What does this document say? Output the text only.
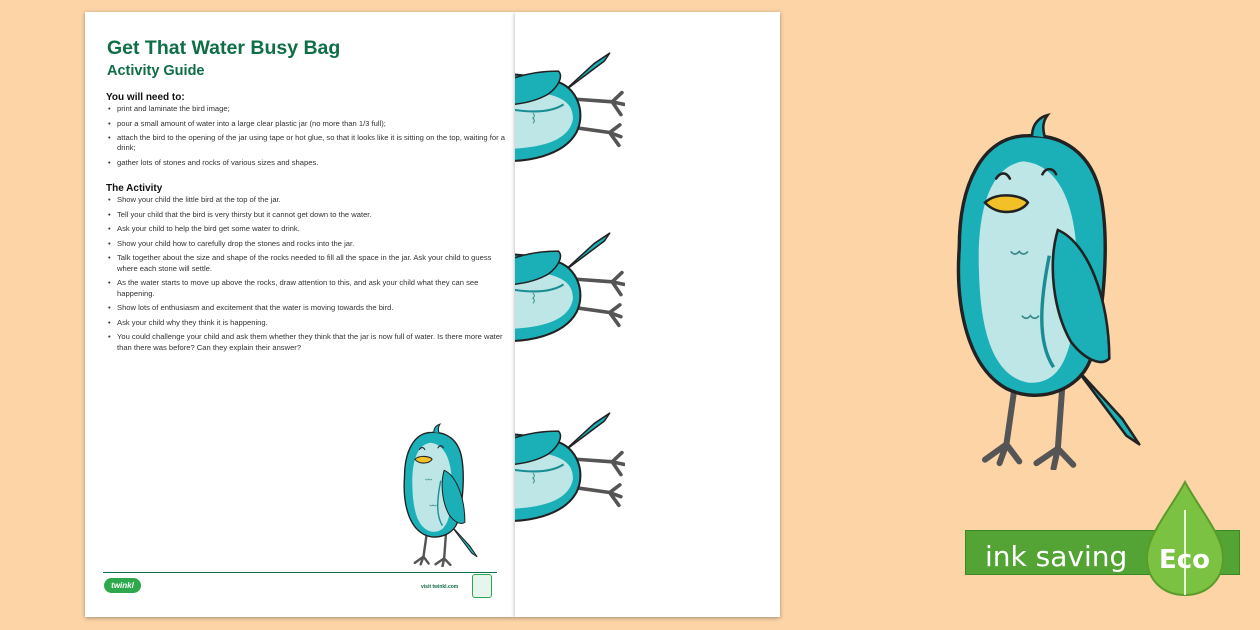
Get That Water Busy Bag
Activity Guide
You will need to:
• print and laminate the bird image;
• pour a small amount of water into a large clear plastic jar (no more than 1/3 full);
• attach the bird to the opening of the jar using tape or hot glue, so that it looks like it is sitting on the top, waiting for a drink;
• gather lots of stones and rocks of various sizes and shapes.
The Activity
• Show your child the little bird at the top of the jar.
• Tell your child that the bird is very thirsty but it cannot get down to the water.
• Ask your child to help the bird get some water to drink.
• Show your child how to carefully drop the stones and rocks into the jar.
• Talk together about the size and shape of the rocks needed to fill all the space in the jar. Ask your child to guess where each stone will settle.
• As the water starts to move up above the rocks, draw attention to this, and ask your child what they can see happening.
• Show lots of enthusiasm and excitement that the water is moving towards the bird.
• Ask your child why they think it is happening.
• You could challenge your child and ask them whether they think that the jar is now full of water. Is there more water than there was before? Can they explain their answer?
twinkl	visit twinkl.com
ink saving Eco
